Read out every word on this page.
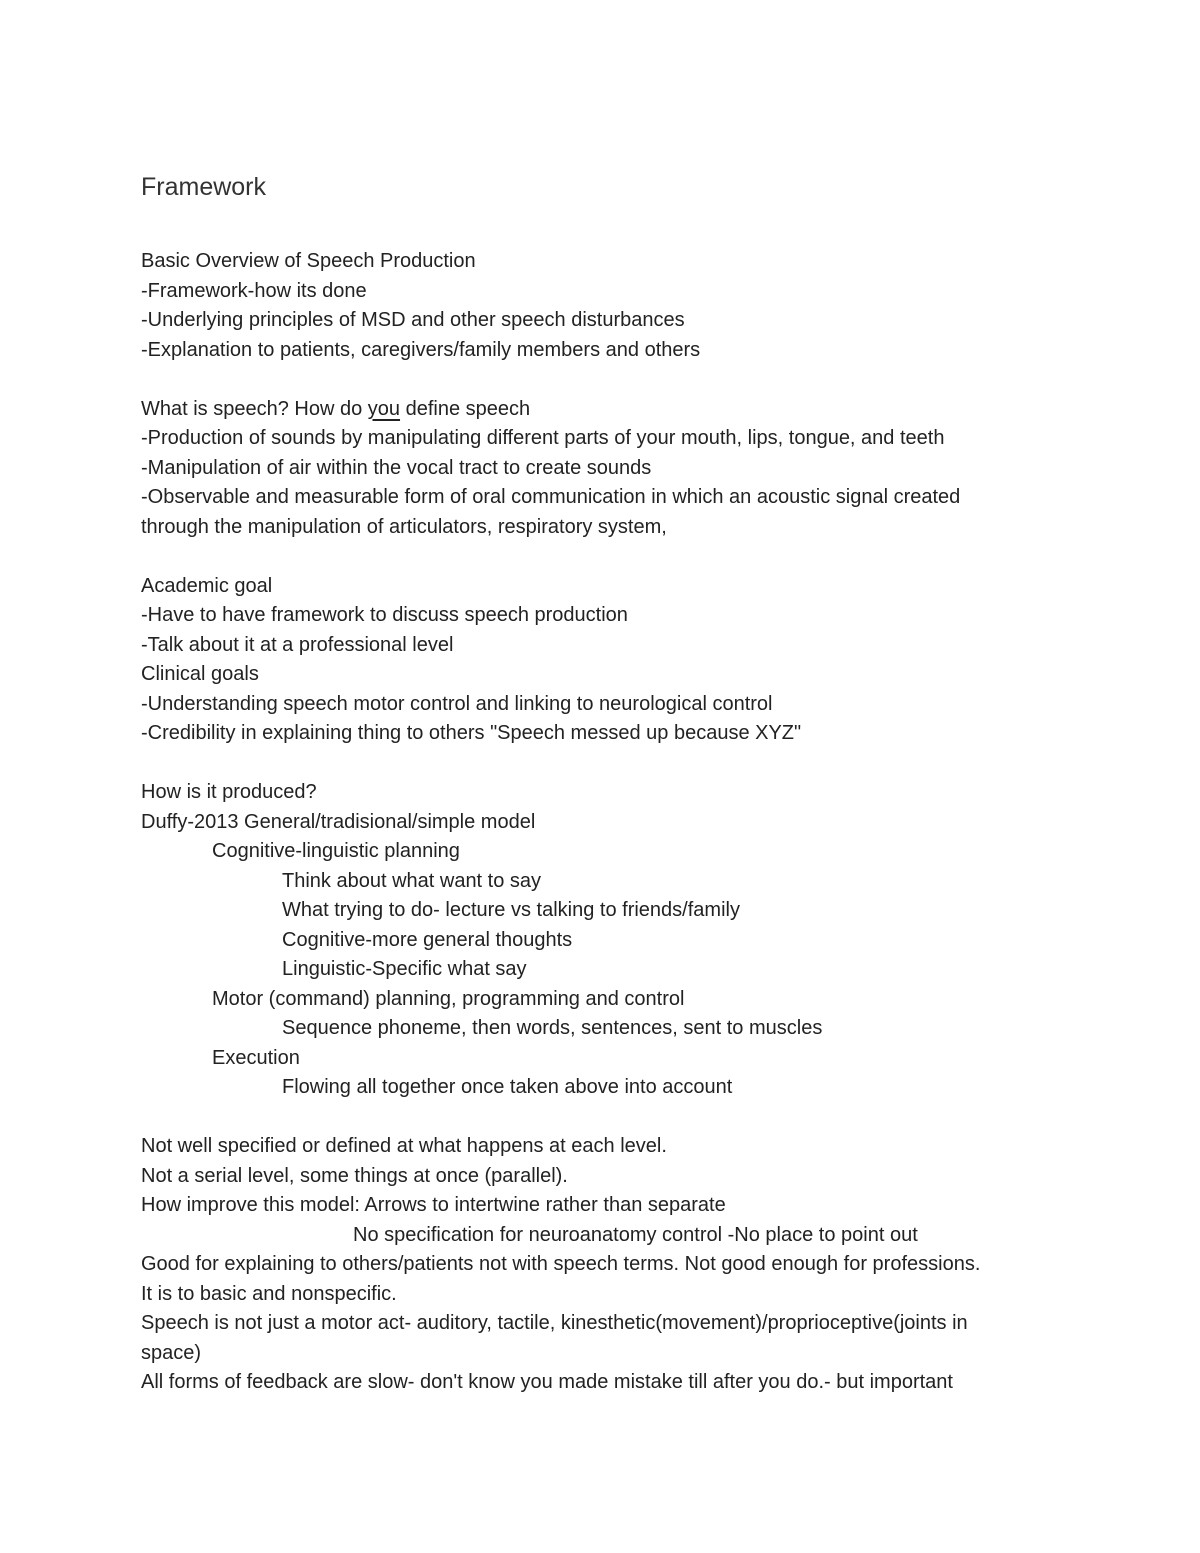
Framework
Basic Overview of Speech Production
-Framework-how its done
-Underlying principles of MSD and other speech disturbances
-Explanation to patients, caregivers/family members and others
What is speech? How do you define speech
-Production of sounds by manipulating different parts of your mouth, lips, tongue, and teeth
-Manipulation of air within the vocal tract to create sounds
-Observable and measurable form of oral communication in which an acoustic signal created
through the manipulation of articulators, respiratory system,
Academic goal
-Have to have framework to discuss speech production
-Talk about it at a professional level
Clinical goals
-Understanding speech motor control and linking to neurological control
-Credibility in explaining thing to others "Speech messed up because XYZ"
How is it produced?
Duffy-2013 General/tradisional/simple model
Cognitive-linguistic planning
Think about what want to say
What trying to do- lecture vs talking to friends/family
Cognitive-more general thoughts
Linguistic-Specific what say
Motor (command) planning, programming and control
Sequence phoneme, then words, sentences, sent to muscles
Execution
Flowing all together once taken above into account
Not well specified or defined at what happens at each level.
Not a serial level, some things at once (parallel).
How improve this model: Arrows to intertwine rather than separate
No specification for neuroanatomy control -No place to point out
Good for explaining to others/patients not with speech terms. Not good enough for professions.
It is to basic and nonspecific.
Speech is not just a motor act- auditory, tactile, kinesthetic(movement)/proprioceptive(joints in
space)
All forms of feedback are slow- don't know you made mistake till after you do.- but important
